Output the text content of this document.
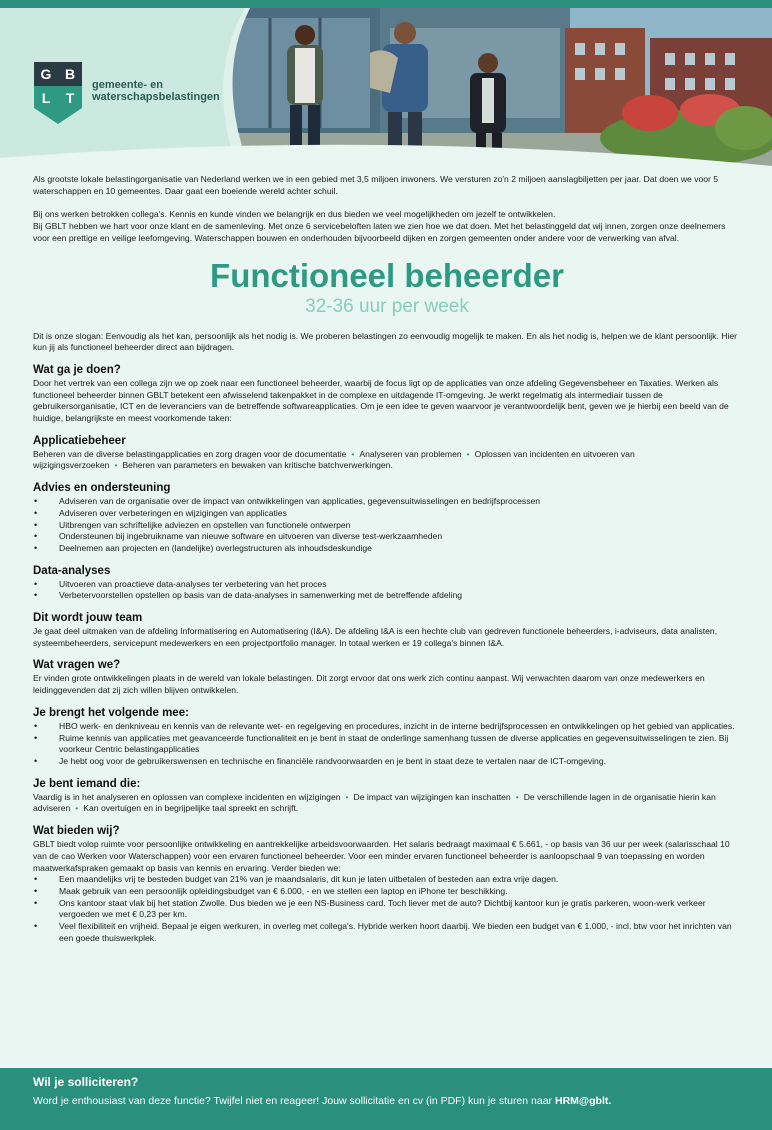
G B
L T
gemeente- en
waterschapsbelastingen

Als grootste lokale belastingorganisatie van Nederland werken we in een gebied met 3,5 miljoen inwoners. We versturen zo'n 2 miljoen aanslagbiljetten per jaar. Dat doen we voor 5 waterschappen en 10 gemeentes. Daar gaat een boeiende wereld achter schuil.

Bij ons werken betrokken collega's. Kennis en kunde vinden we belangrijk en dus bieden we veel mogelijkheden om jezelf te ontwikkelen.

Bij GBLT hebben we hart voor onze klant en de samenleving. Met onze 6 servicebeloften laten we zien hoe we dat doen. Met het belastinggeld dat wij innen, zorgen onze deelnemers voor een prettige en veilige leefomgeving. Waterschappen bouwen en onderhouden bijvoorbeeld dijken en zorgen gemeenten onder andere voor de verwerking van afval.

Functioneel beheerder
32-36 uur per week

Dit is onze slogan: Eenvoudig als het kan, persoonlijk als het nodig is. We proberen belastingen zo eenvoudig mogelijk te maken. En als het nodig is, helpen we de klant persoonlijk. Hier kun jij als functioneel beheerder direct aan bijdragen.

Wat ga je doen?

Door het vertrek van een collega zijn we op zoek naar een functioneel beheerder, waarbij de focus ligt op de applicaties van onze afdeling Gegevensbeheer en Taxaties. Werken als functioneel beheerder binnen GBLT betekent een afwisselend takenpakket in de complexe en uitdagende IT-omgeving. Je werkt regelmatig als intermediair tussen de gebruikersorganisatie, ICT en de leveranciers van de betreffende softwareapplicaties. Om je een idee te geven waarvoor je verantwoordelijk bent, geven we je hierbij een beeld van de huidige, belangrijkste en meest voorkomende taken:

Applicatiebeheer

Beheren van de diverse belastingapplicaties en zorg dragen voor de documentatie • Analyseren van problemen • Oplossen van incidenten en uitvoeren van wijzigingsverzoeken • Beheren van parameters en bewaken van kritische batchverwerkingen.

Advies en ondersteuning
•	Adviseren van de organisatie over de impact van ontwikkelingen van applicaties, gegevensuitwisselingen en bedrijfsprocessen
•	Adviseren over verbeteringen en wijzigingen van applicaties
•	Uitbrengen van schriftelijke adviezen en opstellen van functionele ontwerpen
•	Ondersteunen bij ingebruikname van nieuwe software en uitvoeren van diverse test-werkzaamheden
•	Deelnemen aan projecten en (landelijke) overlegstructuren als inhoudsdeskundige
Data-analyses
•	Uitvoeren van proactieve data-analyses ter verbetering van het proces
•	Verbetervoorstellen opstellen op basis van de data-analyses in samenwerking met de betreffende afdeling
Dit wordt jouw team

Je gaat deel uitmaken van de afdeling Informatisering en Automatisering (I&A). De afdeling I&A is een hechte club van gedreven functionele beheerders, i-adviseurs, data analisten, systeembeheerders, servicepunt medewerkers en een projectportfolio manager. In totaal werken er 19 collega's binnen I&A.

Wat vragen we?

Er vinden grote ontwikkelingen plaats in de wereld van lokale belastingen. Dit zorgt ervoor dat ons werk zich continu aanpast. Wij verwachten daarom van onze medewerkers en leidinggevenden dat zij zich willen blijven ontwikkelen.

Je brengt het volgende mee:
•	HBO werk- en denkniveau en kennis van de relevante wet- en regelgeving en procedures, inzicht in de interne bedrijfsprocessen en ontwikkelingen op het gebied van applicaties.
•	Ruime kennis van applicaties met geavanceerde functionaliteit en je bent in staat de onderlinge samenhang tussen de diverse applicaties en gegevensuitwisselingen te zien. Bij voorkeur Centric belastingapplicaties
•	Je hebt oog voor de gebruikerswensen en technische en financiële randvoorwaarden en je bent in staat deze te vertalen naar de ICT-omgeving.
Je bent iemand die:

Vaardig is in het analyseren en oplossen van complexe incidenten en wijzigingen • De impact van wijzigingen kan inschatten • De verschillende lagen in de organisatie hierin kan adviseren • Kan overtuigen en in begrijpelijke taal spreekt en schrijft.

Wat bieden wij?

GBLT biedt volop ruimte voor persoonlijke ontwikkeling en aantrekkelijke arbeidsvoorwaarden. Het salaris bedraagt maximaal € 5.661, - op basis van 36 uur per week (salarisschaal 10 van de cao Werken voor Waterschappen) voor een ervaren functioneel beheerder. Voor een minder ervaren functioneel beheerder is aanloopschaal 9 van toepassing en worden maatwerkafspraken gemaakt op basis van kennis en ervaring. Verder bieden we:

•	Een maandelijks vrij te besteden budget van 21% van je maandsalaris, dit kun je laten uitbetalen of besteden aan extra vrije dagen.
•	Maak gebruik van een persoonlijk opleidingsbudget van € 6.000, - en we stellen een laptop en iPhone ter beschikking.
•	Ons kantoor staat vlak bij het station Zwolle. Dus bieden we je een NS-Business card. Toch liever met de auto? Dichtbij kantoor kun je gratis parkeren, woon-werk verkeer vergoeden we met € 0,23 per km.
•	Veel flexibiliteit en vrijheid. Bepaal je eigen werkuren, in overleg met collega's. Hybride werken hoort daarbij. We bieden een budget van € 1.000, - incl. btw voor het inrichten van een goede thuiswerkplek.
Wil je solliciteren?
Word je enthousiast van deze functie? Twijfel niet en reageer! Jouw sollicitatie en cv (in PDF) kun je sturen naar HRM@gblt.
